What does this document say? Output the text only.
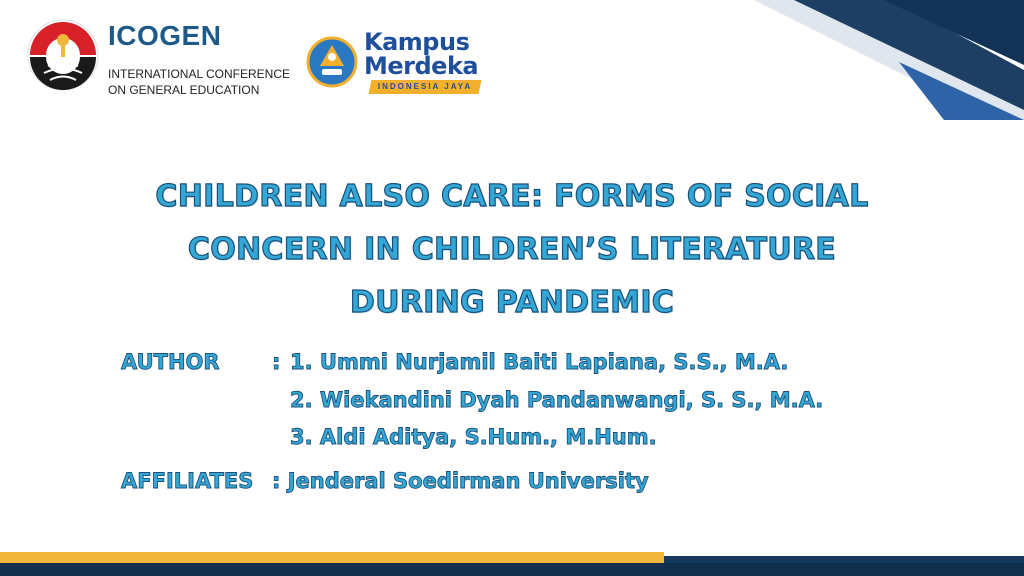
ICOGEN
INTERNATIONAL CONFERENCE
ON GENERAL EDUCATION
Kampus
Merdeka
INDONESIA JAYA
CHILDREN ALSO CARE: FORMS OF SOCIAL
CONCERN IN CHILDREN’S LITERATURE
DURING PANDEMIC
AUTHOR : 1. Ummi Nurjamil Baiti Lapiana, S.S., M.A.
2. Wiekandini Dyah Pandanwangi, S. S., M.A.
3. Aldi Aditya, S.Hum., M.Hum.
AFFILIATES : Jenderal Soedirman University
